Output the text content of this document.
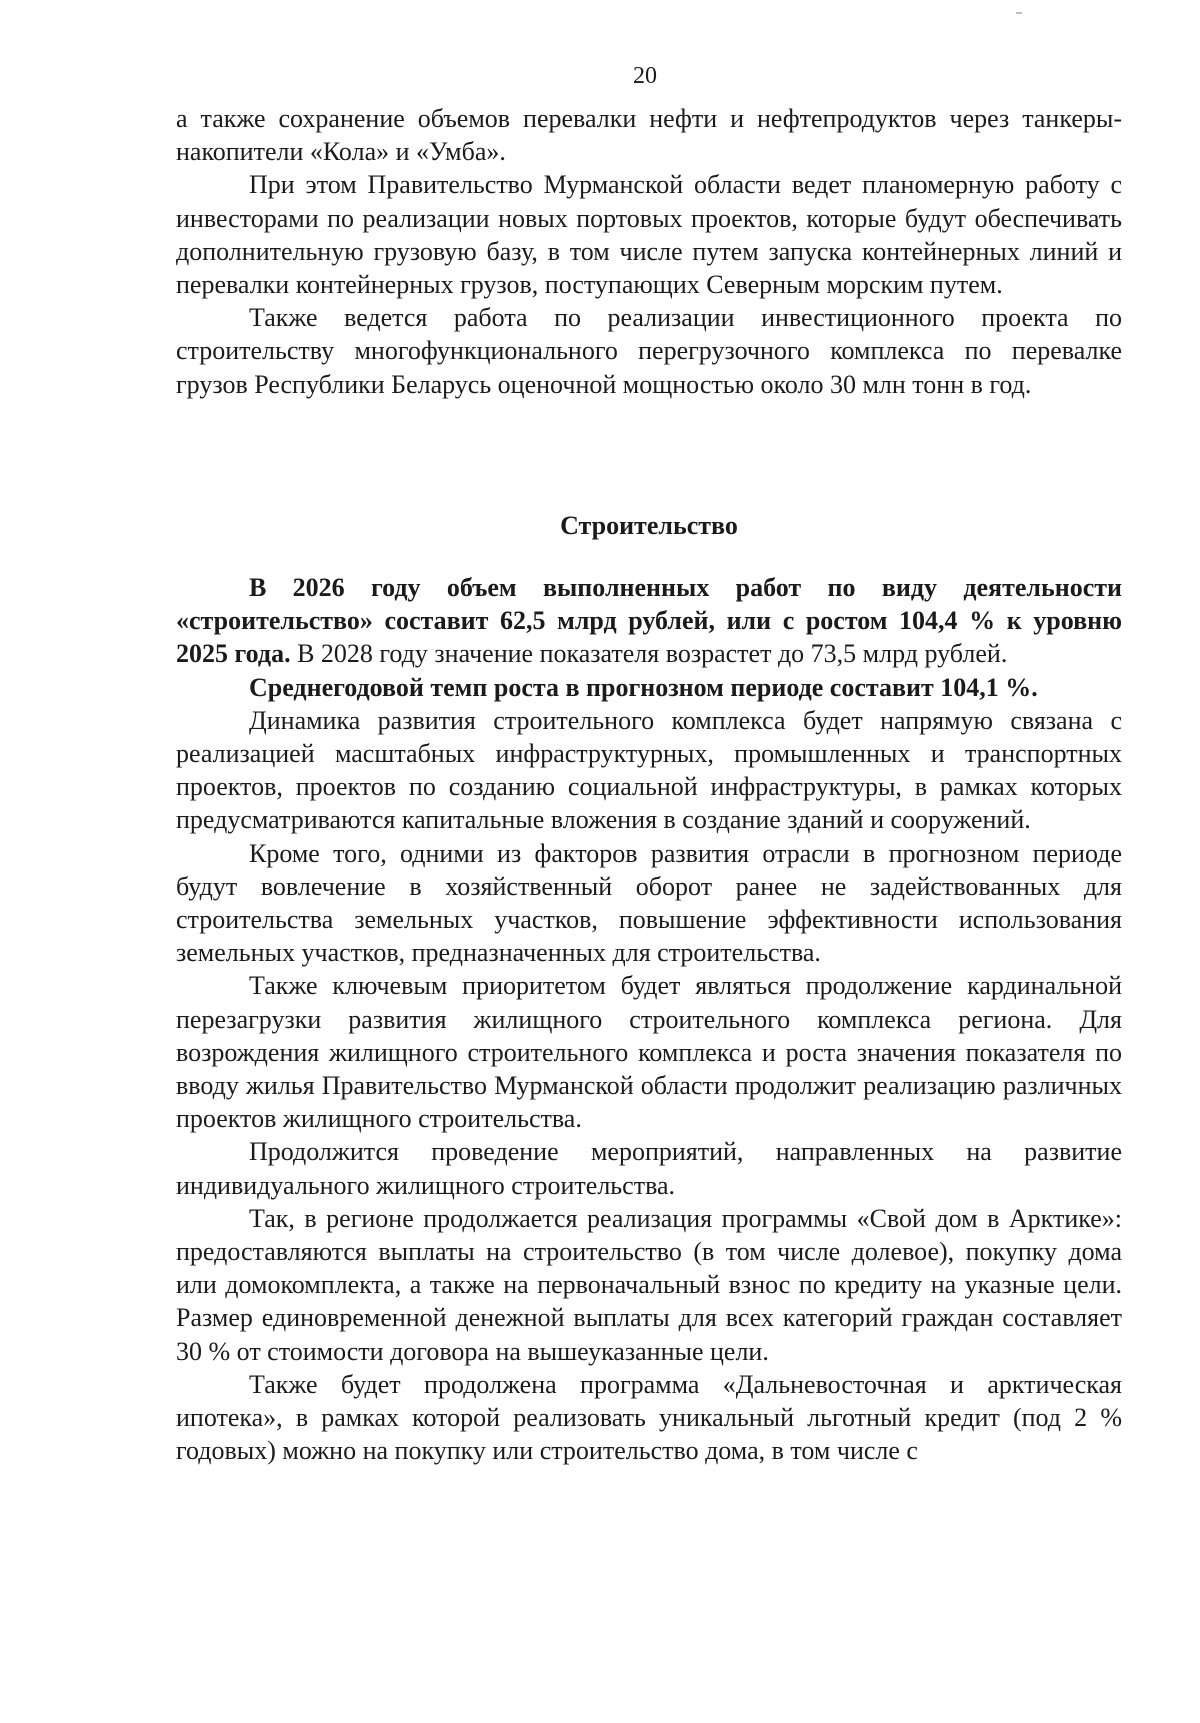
20

а также сохранение объемов перевалки нефти и нефтепродуктов через танкеры-накопители «Кола» и «Умба».

При этом Правительство Мурманской области ведет планомерную работу с инвесторами по реализации новых портовых проектов, которые будут обеспечивать дополнительную грузовую базу, в том числе путем запуска контейнерных линий и перевалки контейнерных грузов, поступающих Северным морским путем.

Также ведется работа по реализации инвестиционного проекта по строительству многофункционального перегрузочного комплекса по перевалке грузов Республики Беларусь оценочной мощностью около 30 млн тонн в год.

Строительство

В 2026 году объем выполненных работ по виду деятельности «строительство» составит 62,5 млрд рублей, или с ростом 104,4 % к уровню 2025 года. В 2028 году значение показателя возрастет до 73,5 млрд рублей.

Среднегодовой темп роста в прогнозном периоде составит 104,1 %.

Динамика развития строительного комплекса будет напрямую связана с реализацией масштабных инфраструктурных, промышленных и транспортных проектов, проектов по созданию социальной инфраструктуры, в рамках которых предусматриваются капитальные вложения в создание зданий и сооружений.

Кроме того, одними из факторов развития отрасли в прогнозном периоде будут вовлечение в хозяйственный оборот ранее не задействованных для строительства земельных участков, повышение эффективности использования земельных участков, предназначенных для строительства.

Также ключевым приоритетом будет являться продолжение кардинальной перезагрузки развития жилищного строительного комплекса региона. Для возрождения жилищного строительного комплекса и роста значения показателя по вводу жилья Правительство Мурманской области продолжит реализацию различных проектов жилищного строительства.

Продолжится проведение мероприятий, направленных на развитие индивидуального жилищного строительства.

Так, в регионе продолжается реализация программы «Свой дом в Арктике»: предоставляются выплаты на строительство (в том числе долевое), покупку дома или домокомплекта, а также на первоначальный взнос по кредиту на указные цели. Размер единовременной денежной выплаты для всех категорий граждан составляет 30 % от стоимости договора на вышеуказанные цели.

Также будет продолжена программа «Дальневосточная и арктическая ипотека», в рамках которой реализовать уникальный льготный кредит (под 2 % годовых) можно на покупку или строительство дома, в том числе с
